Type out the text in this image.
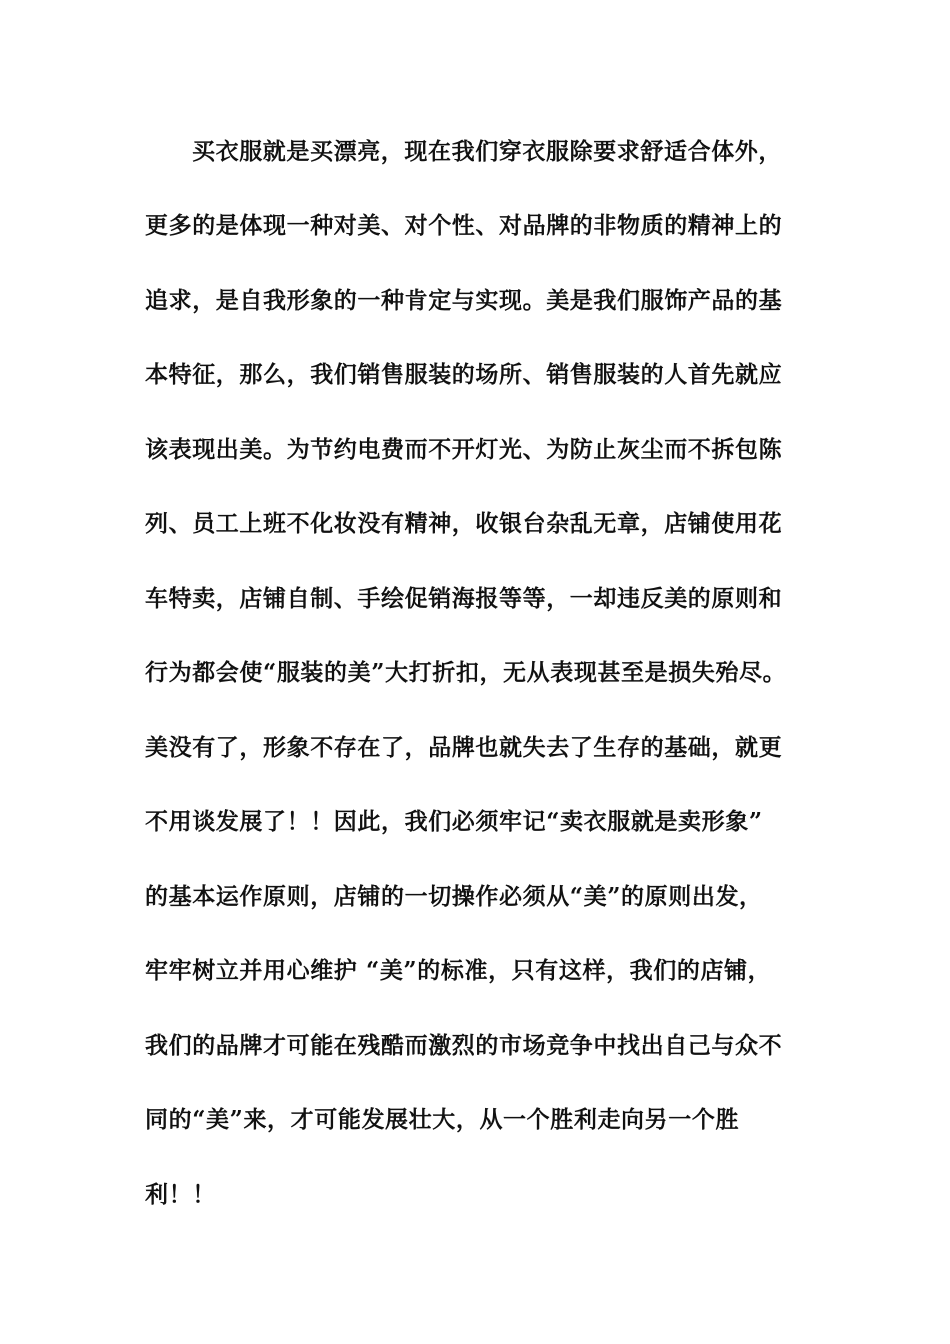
买衣服就是买漂亮，现在我们穿衣服除要求舒适合体外，
更多的是体现一种对美、对个性、对品牌的非物质的精神上的
追求，是自我形象的一种肯定与实现。美是我们服饰产品的基
本特征，那么，我们销售服装的场所、销售服装的人首先就应
该表现出美。为节约电费而不开灯光、为防止灰尘而不拆包陈
列、员工上班不化妆没有精神，收银台杂乱无章，店铺使用花
车特卖，店铺自制、手绘促销海报等等，一却违反美的原则和
行为都会使“服装的美”大打折扣，无从表现甚至是损失殆尽。
美没有了，形象不存在了，品牌也就失去了生存的基础，就更
不用谈发展了！！因此，我们必须牢记“卖衣服就是卖形象”
的基本运作原则，店铺的一切操作必须从“美”的原则出发，
牢牢树立并用心维护 “美”的标准，只有这样，我们的店铺，
我们的品牌才可能在残酷而激烈的市场竞争中找出自己与众不
同的“美”来，才可能发展壮大，从一个胜利走向另一个胜
利！！
